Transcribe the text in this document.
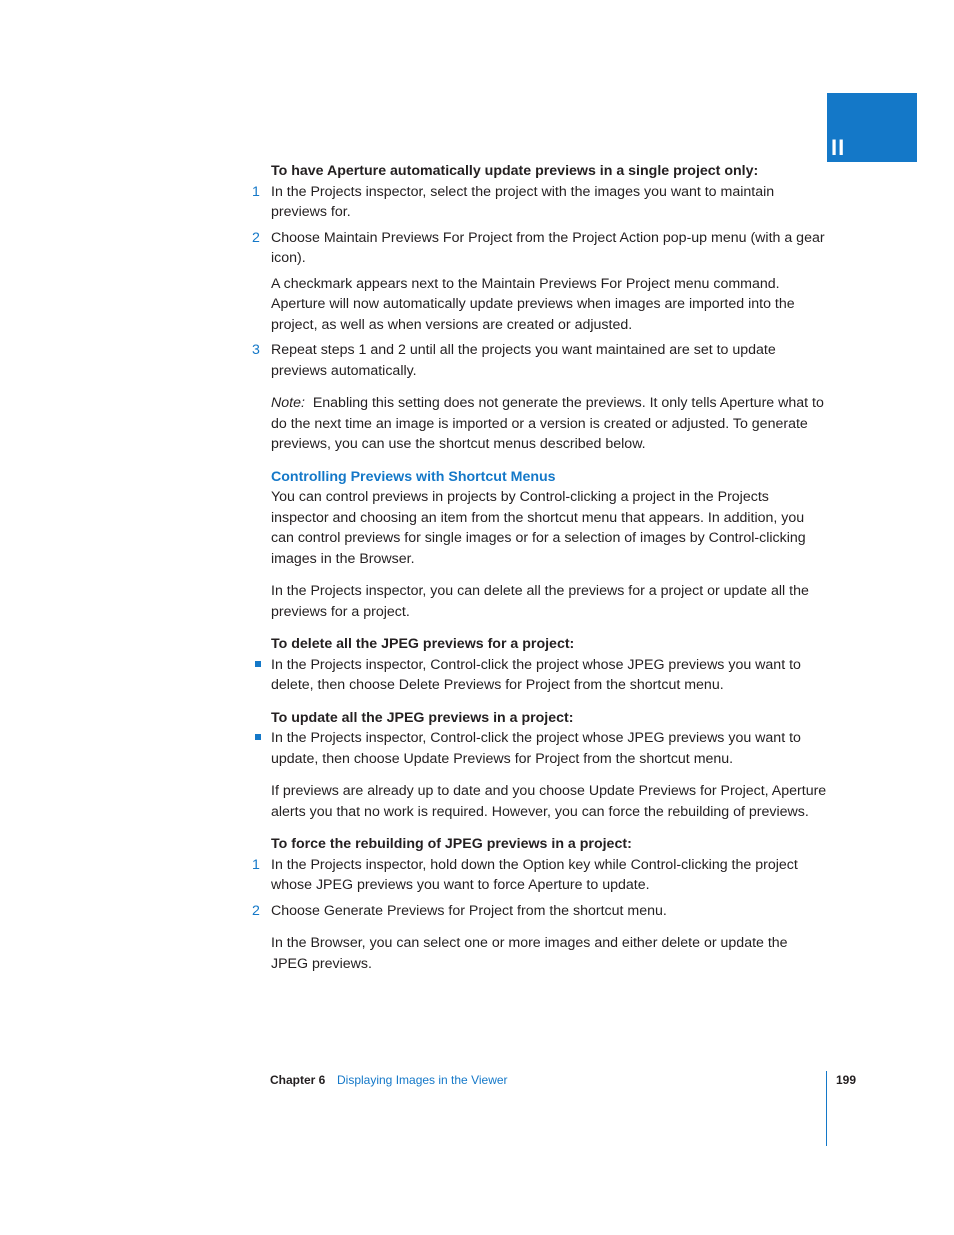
II

To have Aperture automatically update previews in a single project only:

1 In the Projects inspector, select the project with the images you want to maintain previews for.

2 Choose Maintain Previews For Project from the Project Action pop-up menu (with a gear icon).

A checkmark appears next to the Maintain Previews For Project menu command. Aperture will now automatically update previews when images are imported into the project, as well as when versions are created or adjusted.

3 Repeat steps 1 and 2 until all the projects you want maintained are set to update previews automatically.

Note: Enabling this setting does not generate the previews. It only tells Aperture what to do the next time an image is imported or a version is created or adjusted. To generate previews, you can use the shortcut menus described below.

Controlling Previews with Shortcut Menus

You can control previews in projects by Control-clicking a project in the Projects inspector and choosing an item from the shortcut menu that appears. In addition, you can control previews for single images or for a selection of images by Control-clicking images in the Browser.

In the Projects inspector, you can delete all the previews for a project or update all the previews for a project.

To delete all the JPEG previews for a project:

In the Projects inspector, Control-click the project whose JPEG previews you want to delete, then choose Delete Previews for Project from the shortcut menu.

To update all the JPEG previews in a project:

In the Projects inspector, Control-click the project whose JPEG previews you want to update, then choose Update Previews for Project from the shortcut menu.

If previews are already up to date and you choose Update Previews for Project, Aperture alerts you that no work is required. However, you can force the rebuilding of previews.

To force the rebuilding of JPEG previews in a project:

1 In the Projects inspector, hold down the Option key while Control-clicking the project whose JPEG previews you want to force Aperture to update.

2 Choose Generate Previews for Project from the shortcut menu.

In the Browser, you can select one or more images and either delete or update the JPEG previews.

Chapter 6 Displaying Images in the Viewer	199
